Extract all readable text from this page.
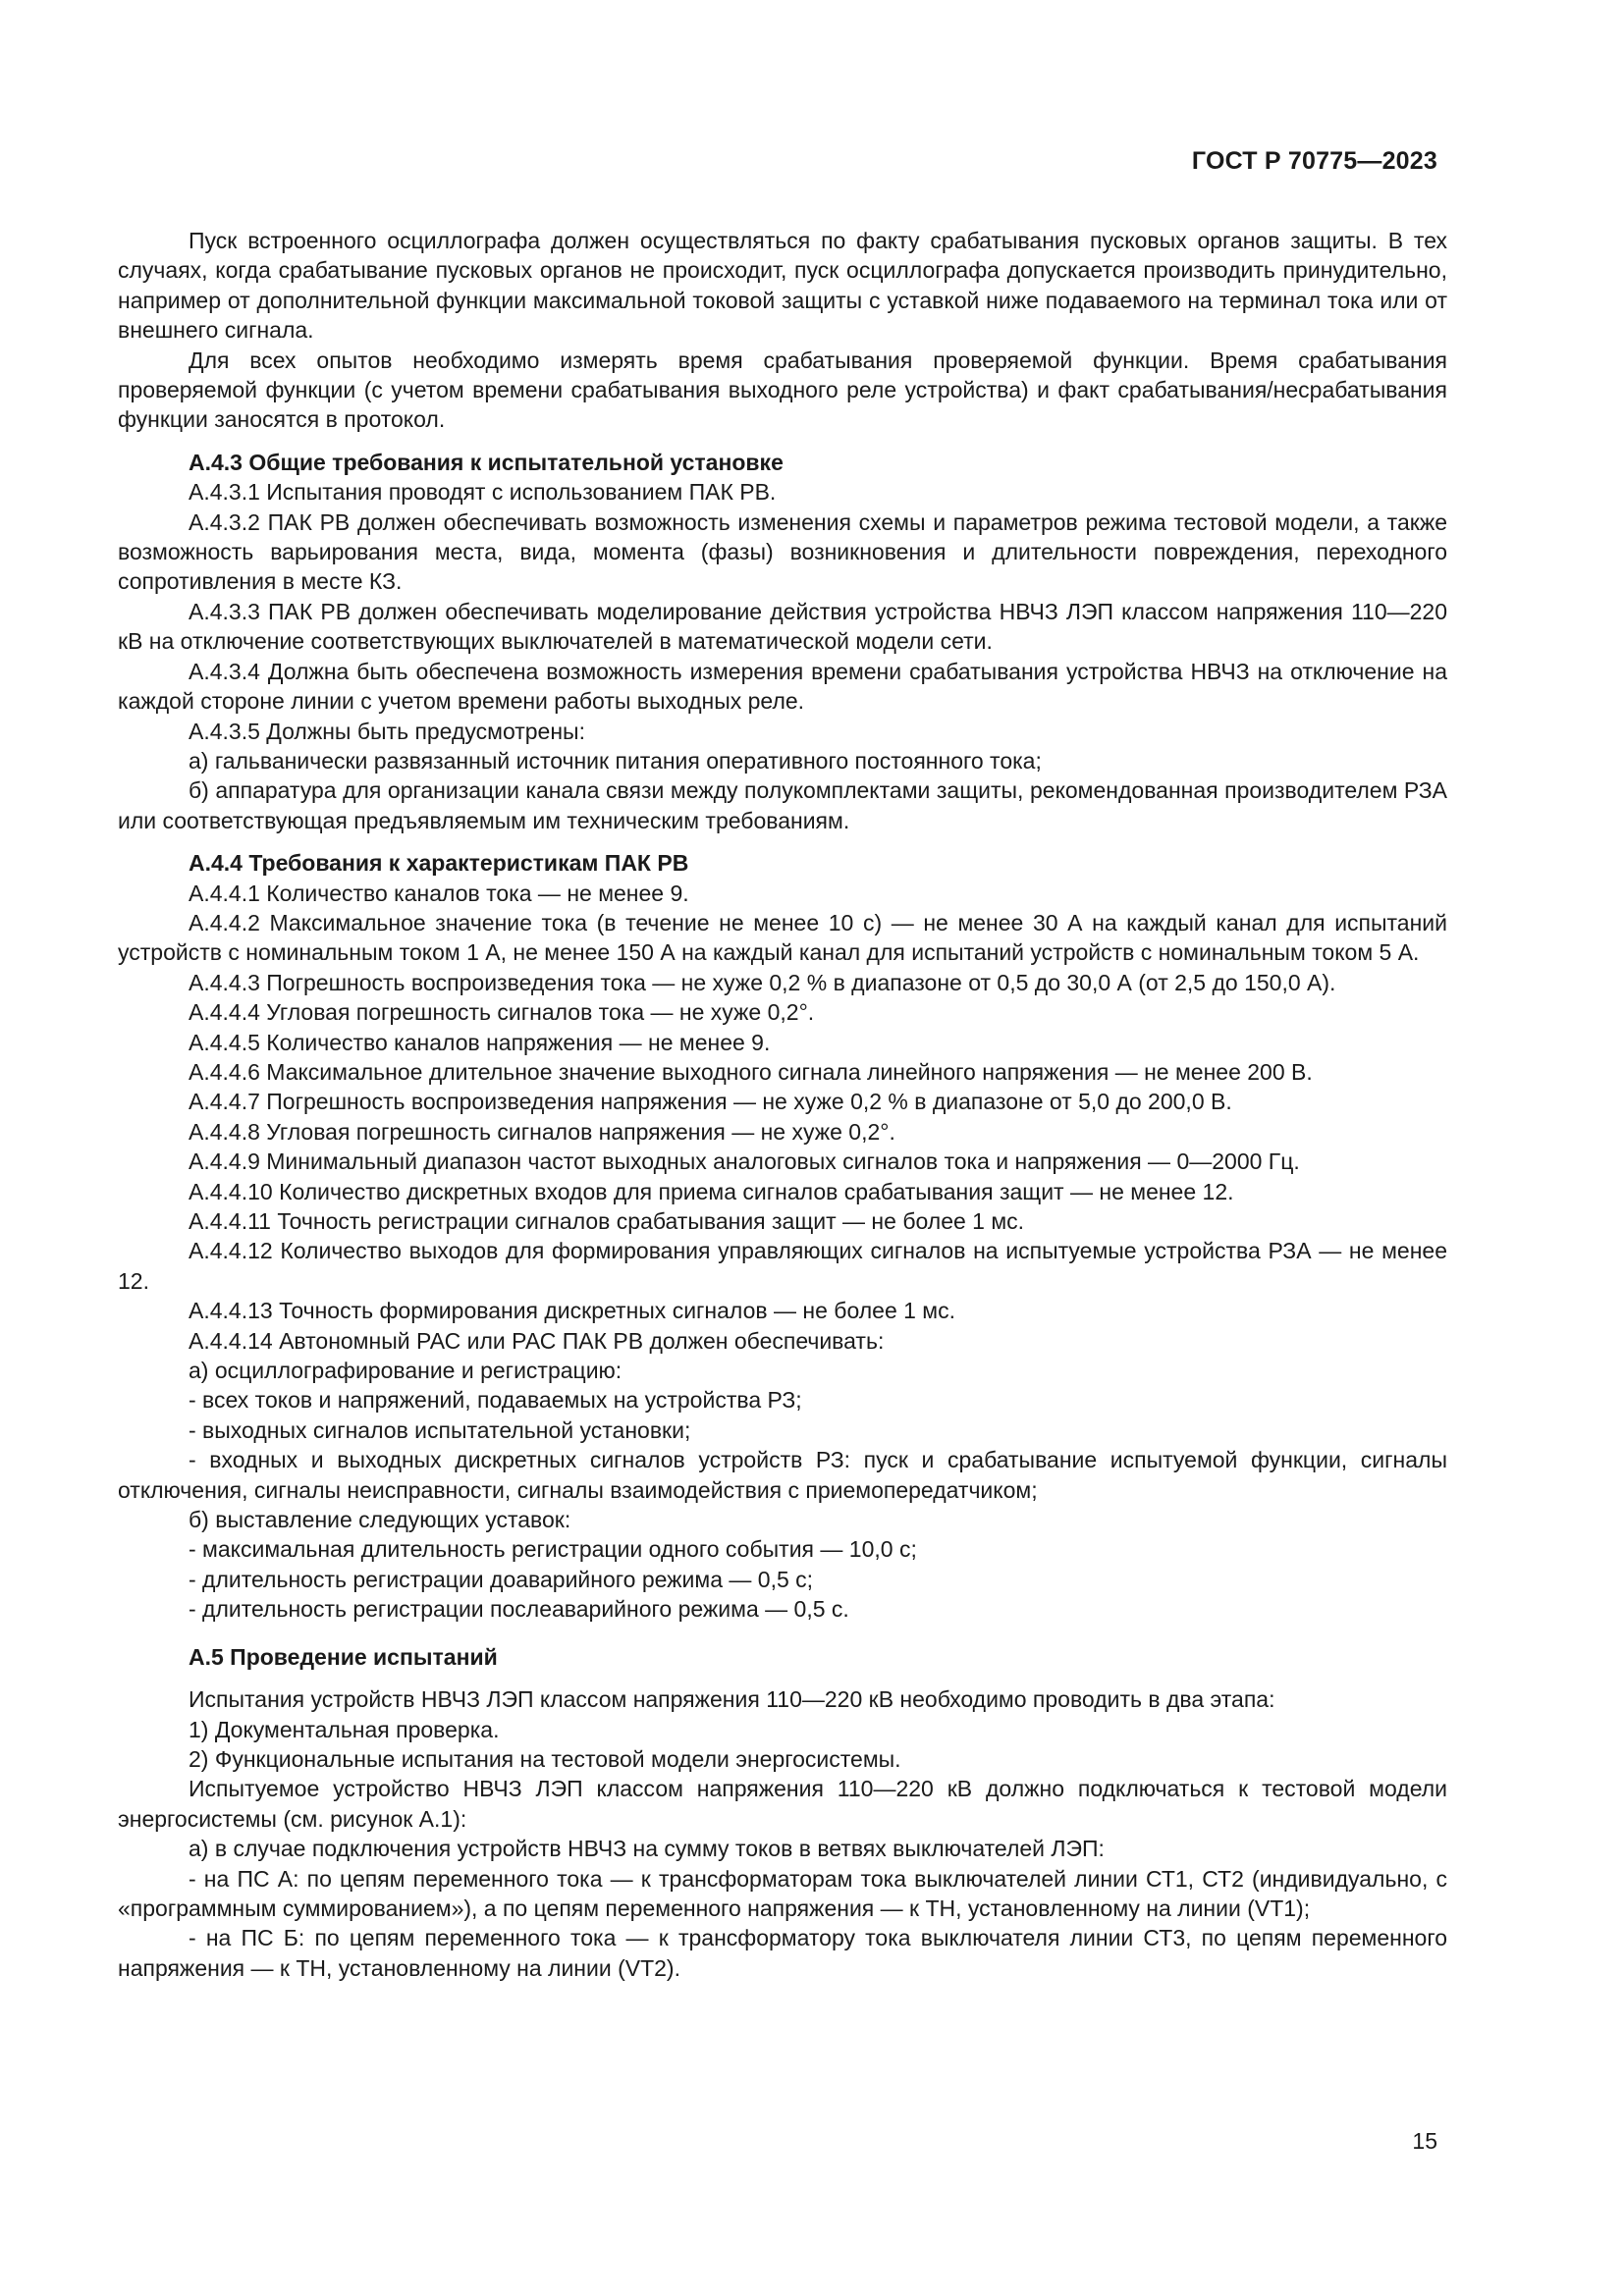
ГОСТ Р 70775—2023

Пуск встроенного осциллографа должен осуществляться по факту срабатывания пусковых органов защиты. В тех случаях, когда срабатывание пусковых органов не происходит, пуск осциллографа допускается производить принудительно, например от дополнительной функции максимальной токовой защиты с уставкой ниже подаваемого на терминал тока или от внешнего сигнала.

Для всех опытов необходимо измерять время срабатывания проверяемой функции. Время срабатывания проверяемой функции (с учетом времени срабатывания выходного реле устройства) и факт срабатывания/несрабатывания функции заносятся в протокол.

А.4.3 Общие требования к испытательной установке

А.4.3.1 Испытания проводят с использованием ПАК РВ.

А.4.3.2 ПАК РВ должен обеспечивать возможность изменения схемы и параметров режима тестовой модели, а также возможность варьирования места, вида, момента (фазы) возникновения и длительности повреждения, переходного сопротивления в месте КЗ.

А.4.3.3 ПАК РВ должен обеспечивать моделирование действия устройства НВЧЗ ЛЭП классом напряжения 110—220 кВ на отключение соответствующих выключателей в математической модели сети.

А.4.3.4 Должна быть обеспечена возможность измерения времени срабатывания устройства НВЧЗ на отключение на каждой стороне линии с учетом времени работы выходных реле.

А.4.3.5 Должны быть предусмотрены:

а) гальванически развязанный источник питания оперативного постоянного тока;

б) аппаратура для организации канала связи между полукомплектами защиты, рекомендованная производителем РЗА или соответствующая предъявляемым им техническим требованиям.

А.4.4 Требования к характеристикам ПАК РВ

А.4.4.1 Количество каналов тока — не менее 9.

А.4.4.2 Максимальное значение тока (в течение не менее 10 с) — не менее 30 А на каждый канал для испытаний устройств с номинальным током 1 А, не менее 150 А на каждый канал для испытаний устройств с номинальным током 5 А.

А.4.4.3 Погрешность воспроизведения тока — не хуже 0,2 % в диапазоне от 0,5 до 30,0 А (от 2,5 до 150,0 А).

А.4.4.4 Угловая погрешность сигналов тока — не хуже 0,2°.

А.4.4.5 Количество каналов напряжения — не менее 9.

А.4.4.6 Максимальное длительное значение выходного сигнала линейного напряжения — не менее 200 В.

А.4.4.7 Погрешность воспроизведения напряжения — не хуже 0,2 % в диапазоне от 5,0 до 200,0 В.

А.4.4.8 Угловая погрешность сигналов напряжения — не хуже 0,2°.

А.4.4.9 Минимальный диапазон частот выходных аналоговых сигналов тока и напряжения — 0—2000 Гц.

А.4.4.10 Количество дискретных входов для приема сигналов срабатывания защит — не менее 12.

А.4.4.11 Точность регистрации сигналов срабатывания защит — не более 1 мс.

А.4.4.12 Количество выходов для формирования управляющих сигналов на испытуемые устройства РЗА — не менее 12.

А.4.4.13 Точность формирования дискретных сигналов — не более 1 мс.

А.4.4.14 Автономный РАС или РАС ПАК РВ должен обеспечивать:

а) осциллографирование и регистрацию:

- всех токов и напряжений, подаваемых на устройства РЗ;

- выходных сигналов испытательной установки;

- входных и выходных дискретных сигналов устройств РЗ: пуск и срабатывание испытуемой функции, сигналы отключения, сигналы неисправности, сигналы взаимодействия с приемопередатчиком;

б) выставление следующих уставок:

- максимальная длительность регистрации одного события — 10,0 с;

- длительность регистрации доаварийного режима — 0,5 с;

- длительность регистрации послеаварийного режима — 0,5 с.

А.5 Проведение испытаний

Испытания устройств НВЧЗ ЛЭП классом напряжения 110—220 кВ необходимо проводить в два этапа:

1) Документальная проверка.

2) Функциональные испытания на тестовой модели энергосистемы.

Испытуемое устройство НВЧЗ ЛЭП классом напряжения 110—220 кВ должно подключаться к тестовой модели энергосистемы (см. рисунок А.1):

а) в случае подключения устройств НВЧЗ на сумму токов в ветвях выключателей ЛЭП:

- на ПС А: по цепям переменного тока — к трансформаторам тока выключателей линии СТ1, СТ2 (индивидуально, с «программным суммированием»), а по цепям переменного напряжения — к ТН, установленному на линии (VT1);

- на ПС Б: по цепям переменного тока — к трансформатору тока выключателя линии СТ3, по цепям переменного напряжения — к ТН, установленному на линии (VT2).

15
